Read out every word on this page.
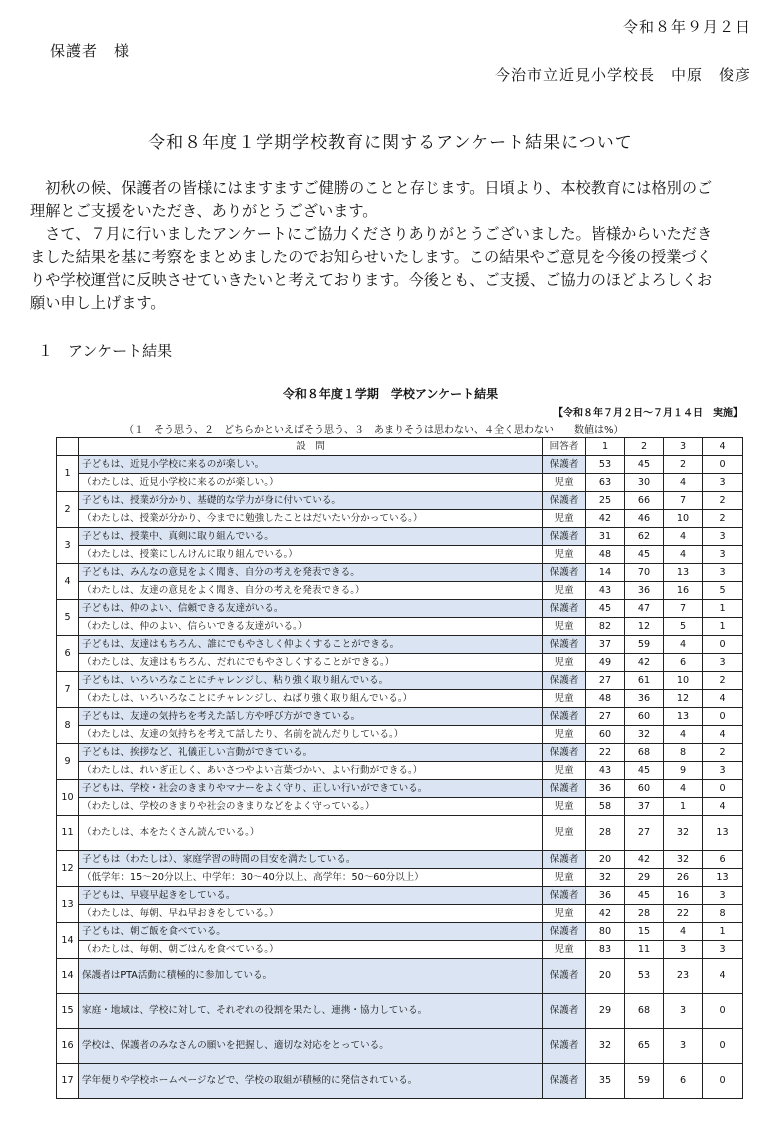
令和８年９月２日
保護者　様
今治市立近見小学校長　中原　俊彦
令和８年度１学期学校教育に関するアンケート結果について
　初秋の候、保護者の皆様にはますますご健勝のことと存じます。日頃より、本校教育には格別のご
理解とご支援をいただき、ありがとうございます。
　さて、７月に行いましたアンケートにご協力くださりありがとうございました。皆様からいただき
ました結果を基に考察をまとめましたのでお知らせいたします。この結果やご意見を今後の授業づく
りや学校運営に反映させていきたいと考えております。今後とも、ご支援、ご協力のほどよろしくお
願い申し上げます。
１　アンケート結果
令和８年度１学期　学校アンケート結果
【令和８年７月２日～７月１４日　実施】
（１　そう思う、２　どちらかといえばそう思う、３　あまりそうは思わない、４全く思わない　　数値は%）
	設　問	回答者	1	2	3	4
1	子どもは、近見小学校に来るのが楽しい。	保護者	53	45	2	0
	（わたしは、近見小学校に来るのが楽しい。）	児童	63	30	4	3
2	子どもは、授業が分かり、基礎的な学力が身に付いている。	保護者	25	66	7	2
	（わたしは、授業が分かり、今までに勉強したことはだいたい分かっている。）	児童	42	46	10	2
3	子どもは、授業中、真剣に取り組んでいる。	保護者	31	62	4	3
	（わたしは、授業にしんけんに取り組んでいる。）	児童	48	45	4	3
4	子どもは、みんなの意見をよく聞き、自分の考えを発表できる。	保護者	14	70	13	3
	（わたしは、友達の意見をよく聞き、自分の考えを発表できる。）	児童	43	36	16	5
5	子どもは、仲のよい、信頼できる友達がいる。	保護者	45	47	7	1
	（わたしは、仲のよい、信らいできる友達がいる。）	児童	82	12	5	1
6	子どもは、友達はもちろん、誰にでもやさしく仲よくすることができる。	保護者	37	59	4	0
	（わたしは、友達はもちろん、だれにでもやさしくすることができる。）	児童	49	42	6	3
7	子どもは、いろいろなことにチャレンジし、粘り強く取り組んでいる。	保護者	27	61	10	2
	（わたしは、いろいろなことにチャレンジし、ねばり強く取り組んでいる。）	児童	48	36	12	4
8	子どもは、友達の気持ちを考えた話し方や呼び方ができている。	保護者	27	60	13	0
	（わたしは、友達の気持ちを考えて話したり、名前を読んだりしている。）	児童	60	32	4	4
9	子どもは、挨拶など、礼儀正しい言動ができている。	保護者	22	68	8	2
	（わたしは、れいぎ正しく、あいさつやよい言葉づかい、よい行動ができる。）	児童	43	45	9	3
10	子どもは、学校・社会のきまりやマナーをよく守り、正しい行いができている。	保護者	36	60	4	0
	（わたしは、学校のきまりや社会のきまりなどをよく守っている。）	児童	58	37	1	4
11	（わたしは、本をたくさん読んでいる。）	児童	28	27	32	13
12	子どもは（わたしは）、家庭学習の時間の目安を満たしている。	保護者	20	42	32	6
	（低学年：15～20分以上、中学年：30～40分以上、高学年：50～60分以上）	児童	32	29	26	13
13	子どもは、早寝早起きをしている。	保護者	36	45	16	3
	（わたしは、毎朝、早ね早おきをしている。）	児童	42	28	22	8
14	子どもは、朝ご飯を食べている。	保護者	80	15	4	1
	（わたしは、毎朝、朝ごはんを食べている。）	児童	83	11	3	3
14	保護者はPTA活動に積極的に参加している。	保護者	20	53	23	4
15	家庭・地域は、学校に対して、それぞれの役割を果たし、連携・協力している。	保護者	29	68	3	0
16	学校は、保護者のみなさんの願いを把握し、適切な対応をとっている。	保護者	32	65	3	0
17	学年便りや学校ホームページなどで、学校の取組が積極的に発信されている。	保護者	35	59	6	0
